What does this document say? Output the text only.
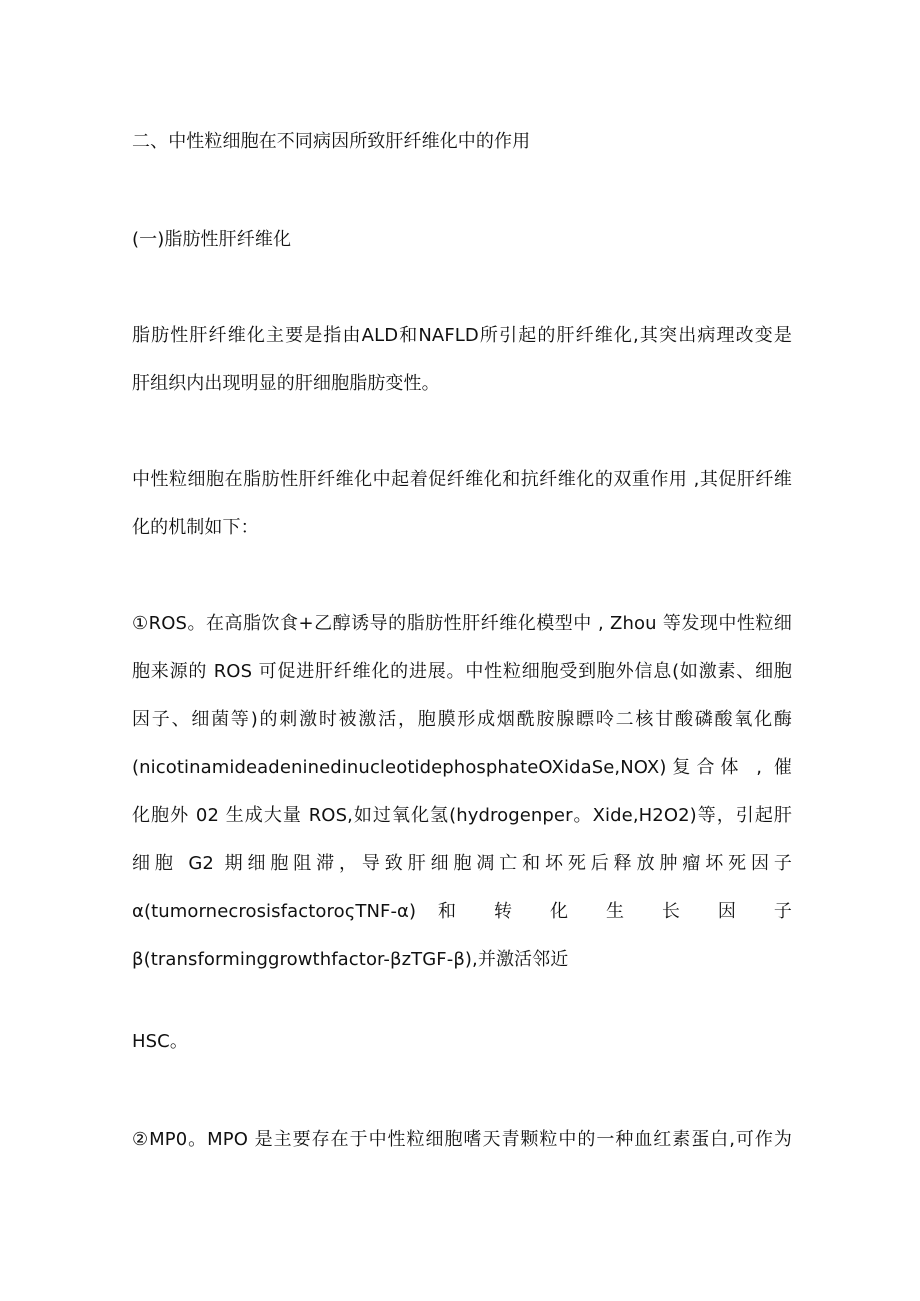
二、中性粒细胞在不同病因所致肝纤维化中的作用
(一)脂肪性肝纤维化
脂肪性肝纤维化主要是指由ALD和NAFLD所引起的肝纤维化,其突出病理改变是
肝组织内出现明显的肝细胞脂肪变性。
中性粒细胞在脂肪性肝纤维化中起着促纤维化和抗纤维化的双重作用 ,其促肝纤维
化的机制如下：
①ROS。在高脂饮食+乙醇诱导的脂肪性肝纤维化模型中 , Zhou 等发现中性粒细
胞来源的 ROS 可促进肝纤维化的进展。中性粒细胞受到胞外信息(如激素、细胞
因子、细菌等)的刺激时被激活，胞膜形成烟酰胺腺瞟呤二核甘酸磷酸氧化酶
(nicotinamideadeninedinucleotidephosphateOXidaSe,NOX)复合体 , 催
化胞外 02 生成大量 ROS,如过氧化氢(hydrogenper。Xide,H2O2)等，引起肝
细胞 G2 期细胞阻滞，导致肝细胞凋亡和坏死后释放肿瘤坏死因子
α(tumornecrosisfactoroςTNF-α) 和 转 化 生 长 因 子
β(transforminggrowthfactor-βzTGF-β),并激活邻近
HSC。
②MP0。MPO 是主要存在于中性粒细胞嗜天青颗粒中的一种血红素蛋白,可作为
